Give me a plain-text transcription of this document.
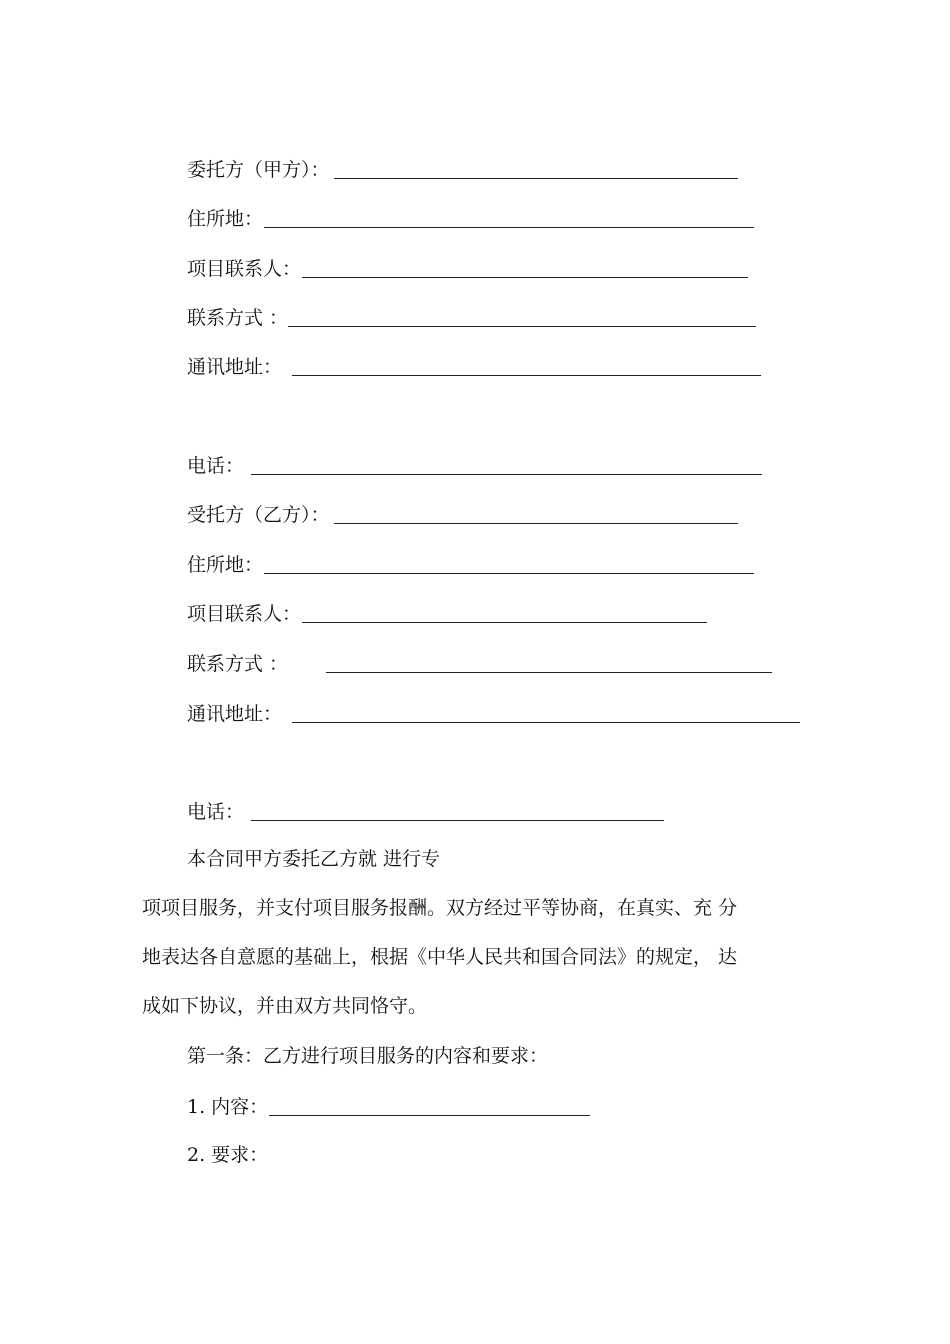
委托方（甲方）：
住所地：
项目联系人：
联系方式 ：
通讯地址：
电话：
受托方（乙方）：
住所地：
项目联系人：
联系方式 ：
通讯地址：
电话：
本合同甲方委托乙方就 进行专
项项目服务，并支付项目服务报酬。双方经过平等协商，在真实、充 分
地表达各自意愿的基础上，根据《中华人民共和国合同法》的规定， 达
成如下协议，并由双方共同恪守。
第一条：乙方进行项目服务的内容和要求：
1. 内容：
2. 要求：
